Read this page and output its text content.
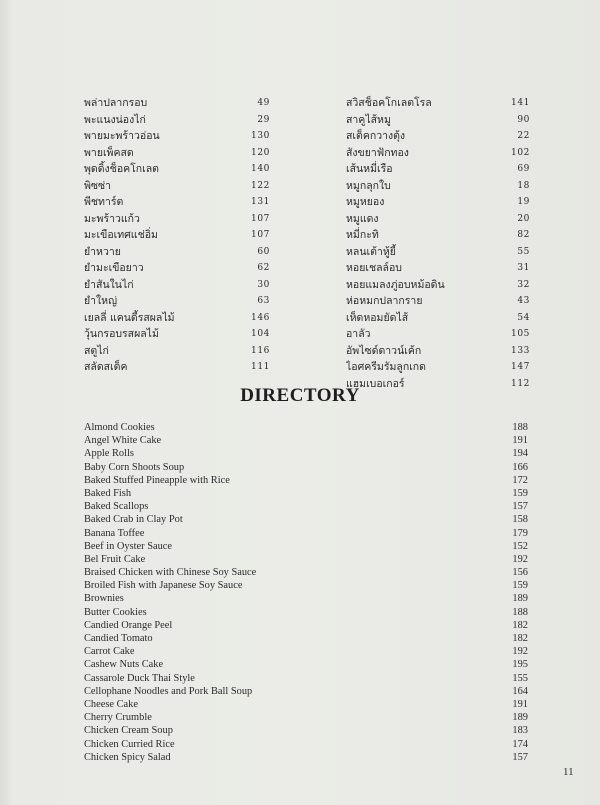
พล่าปลากรอบ	49
พะแนงน่องไก่	29
พายมะพร้าวอ่อน	130
พายเพ็คสด	120
พุดดิ้งช็อคโกเลต	140
พิซซ่า	122
พีชทาร์ต	131
มะพร้าวแก้ว	107
มะเขือเทศแช่อิ่ม	107
ยำหวาย	60
ยำมะเขือยาว	62
ยำสันในไก่	30
ยำใหญ่	63
เยลลี่ แคนดี้รสผลไม้	146
วุ้นกรอบรสผลไม้	104
สตูไก่	116
สลัดสเต็ค	111
สวิสช็อคโกเลตโรล	141
สาคูไส้หมู	90
สเต็คกวางตุ้ง	22
สังขยาฟักทอง	102
เส้นหมี่เรือ	69
หมูกลุกใบ	18
หมูหยอง	19
หมูแดง	20
หมี่กะทิ	82
หลนเต้าหู้ยี้	55
หอยเชลล์อบ	31
หอยแมลงภู่อบหม้อดิน	32
ห่อหมกปลากราย	43
เห็ดหอมยัดไส้	54
อาลัว	105
อัพไซด์ดาวน์เค้ก	133
ไอศครีมรัมลูกเกด	147
แฮมเบอเกอร์	112
DIRECTORY
Almond Cookies	188
Angel White Cake	191
Apple Rolls	194
Baby Corn Shoots Soup	166
Baked Stuffed Pineapple with Rice	172
Baked Fish	159
Baked Scallops	157
Baked Crab in Clay Pot	158
Banana Toffee	179
Beef in Oyster Sauce	152
Bel Fruit Cake	192
Braised Chicken with Chinese Soy Sauce	156
Broiled Fish with Japanese Soy Sauce	159
Brownies	189
Butter Cookies	188
Candied Orange Peel	182
Candied Tomato	182
Carrot Cake	192
Cashew Nuts Cake	195
Cassarole Duck Thai Style	155
Cellophane Noodles and Pork Ball Soup	164
Cheese Cake	191
Cherry Crumble	189
Chicken Cream Soup	183
Chicken Curried Rice	174
Chicken Spicy Salad	157
11
